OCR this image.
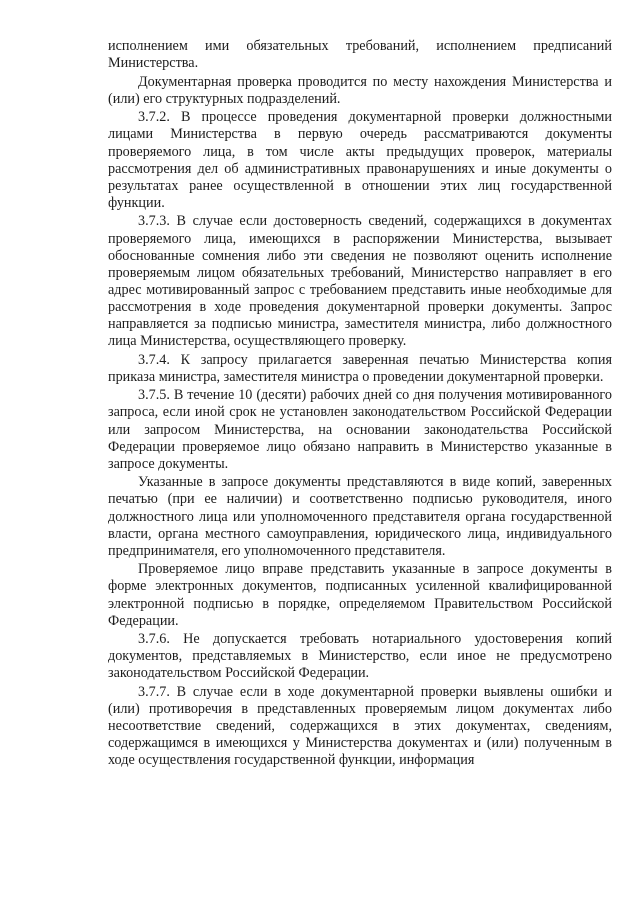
исполнением ими обязательных требований, исполнением предписаний Министерства.

Документарная проверка проводится по месту нахождения Министерства и (или) его структурных подразделений.

3.7.2. В процессе проведения документарной проверки должностными лицами Министерства в первую очередь рассматриваются документы проверяемого лица, в том числе акты предыдущих проверок, материалы рассмотрения дел об административных правонарушениях и иные документы о результатах ранее осуществленной в отношении этих лиц государственной функции.

3.7.3. В случае если достоверность сведений, содержащихся в документах проверяемого лица, имеющихся в распоряжении Министерства, вызывает обоснованные сомнения либо эти сведения не позволяют оценить исполнение проверяемым лицом обязательных требований, Министерство направляет в его адрес мотивированный запрос с требованием представить иные необходимые для рассмотрения в ходе проведения документарной проверки документы. Запрос направляется за подписью министра, заместителя министра, либо должностного лица Министерства, осуществляющего проверку.

3.7.4. К запросу прилагается заверенная печатью Министерства копия приказа министра, заместителя министра о проведении документарной проверки.

3.7.5. В течение 10 (десяти) рабочих дней со дня получения мотивированного запроса, если иной срок не установлен законодательством Российской Федерации или запросом Министерства, на основании законодательства Российской Федерации проверяемое лицо обязано направить в Министерство указанные в запросе документы.

Указанные в запросе документы представляются в виде копий, заверенных печатью (при ее наличии) и соответственно подписью руководителя, иного должностного лица или уполномоченного представителя органа государственной власти, органа местного самоуправления, юридического лица, индивидуального предпринимателя, его уполномоченного представителя.

Проверяемое лицо вправе представить указанные в запросе документы в форме электронных документов, подписанных усиленной квалифицированной электронной подписью в порядке, определяемом Правительством Российской Федерации.

3.7.6. Не допускается требовать нотариального удостоверения копий документов, представляемых в Министерство, если иное не предусмотрено законодательством Российской Федерации.

3.7.7. В случае если в ходе документарной проверки выявлены ошибки и (или) противоречия в представленных проверяемым лицом документах либо несоответствие сведений, содержащихся в этих документах, сведениям, содержащимся в имеющихся у Министерства документах и (или) полученным в ходе осуществления государственной функции, информация
